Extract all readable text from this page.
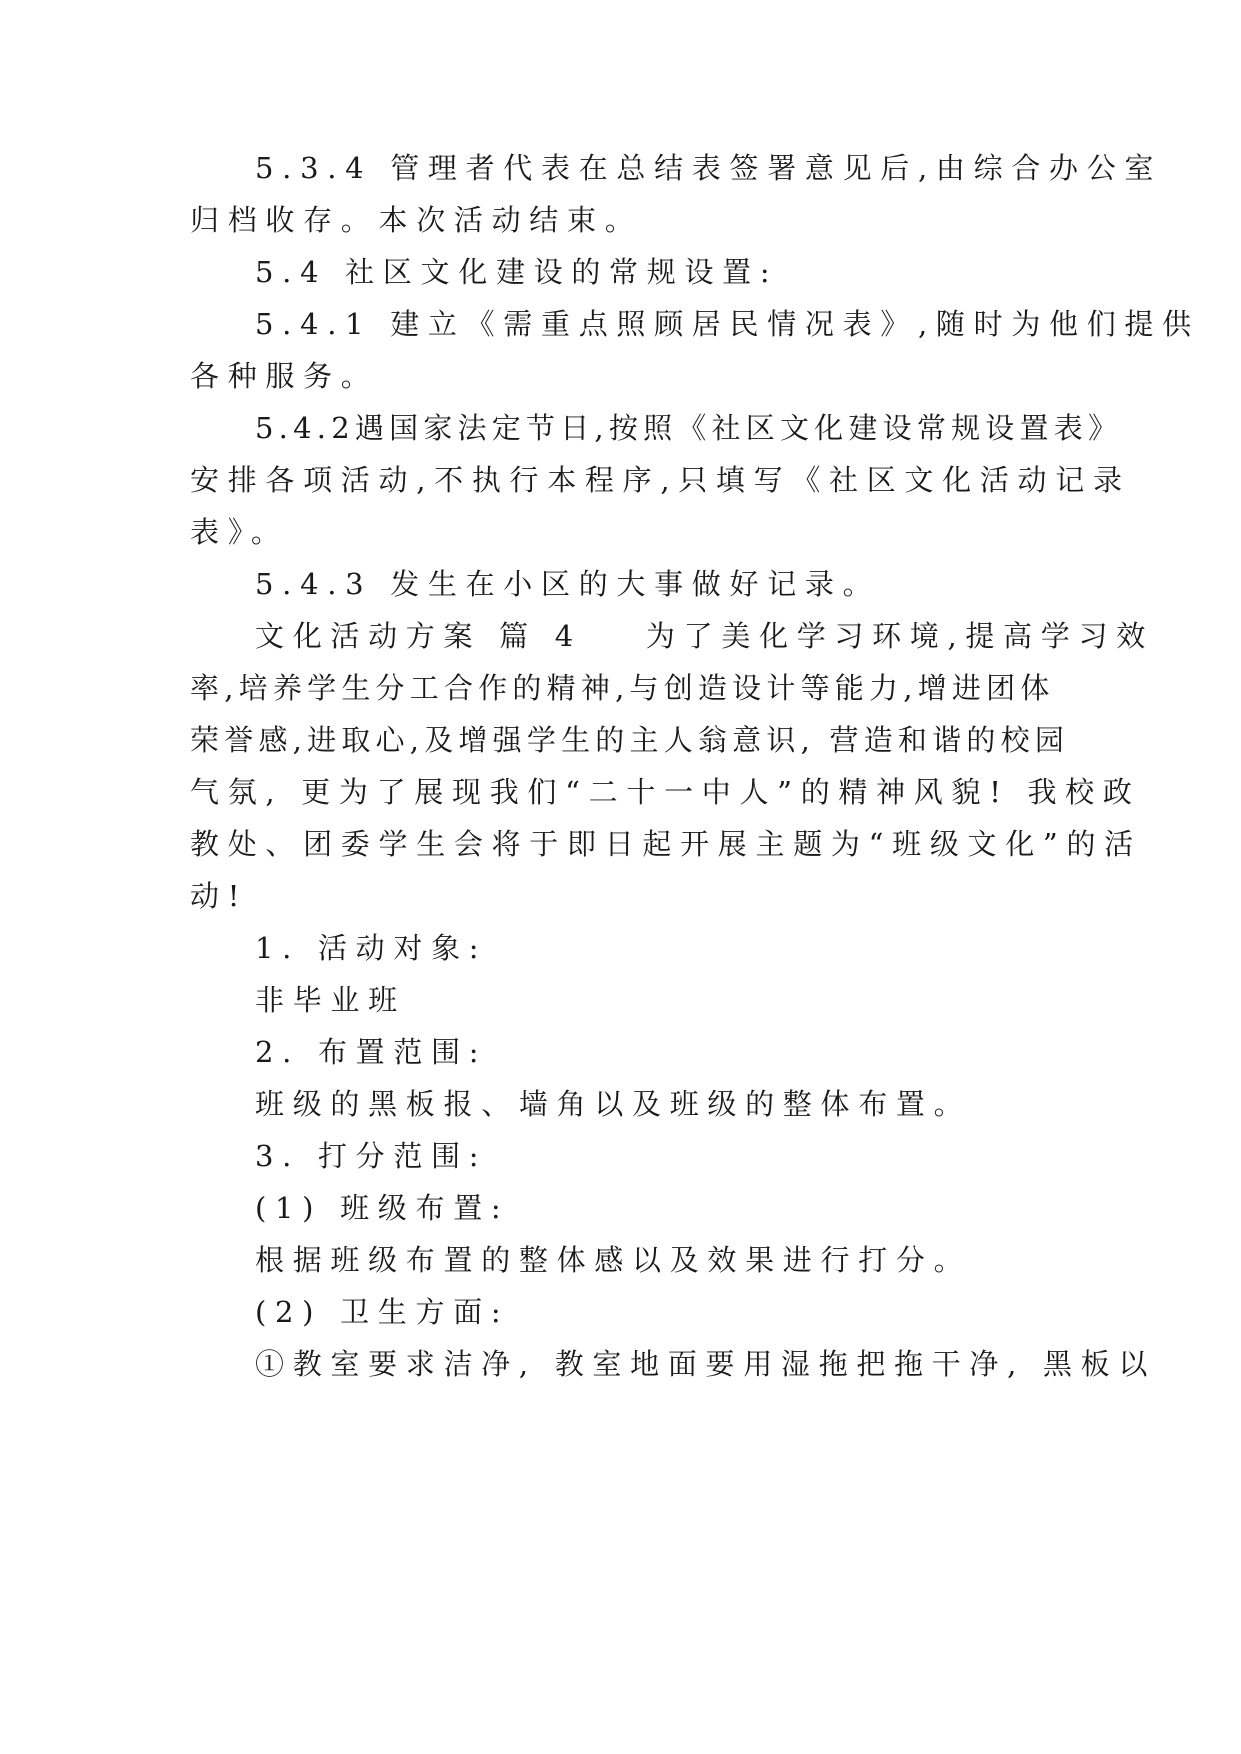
5.3.4 管理者代表在总结表签署意见后,由综合办公室
归档收存。本次活动结束。
5.4 社区文化建设的常规设置:
5.4.1 建立《需重点照顾居民情况表》,随时为他们提供
各种服务。
5.4.2遇国家法定节日,按照《社区文化建设常规设置表》
安排各项活动,不执行本程序,只填写《社区文化活动记录
表》。
5.4.3 发生在小区的大事做好记录。
文化活动方案 篇 4 为了美化学习环境,提高学习效
率,培养学生分工合作的精神,与创造设计等能力,增进团体
荣誉感,进取心,及增强学生的主人翁意识, 营造和谐的校园
气氛, 更为了展现我们“二十一中人”的精神风貌! 我校政
教处、团委学生会将于即日起开展主题为“班级文化”的活
动!
1. 活动对象:
非毕业班
2. 布置范围:
班级的黑板报、墙角以及班级的整体布置。
3. 打分范围:
(1) 班级布置:
根据班级布置的整体感以及效果进行打分。
(2) 卫生方面:
①教室要求洁净, 教室地面要用湿拖把拖干净, 黑板以
